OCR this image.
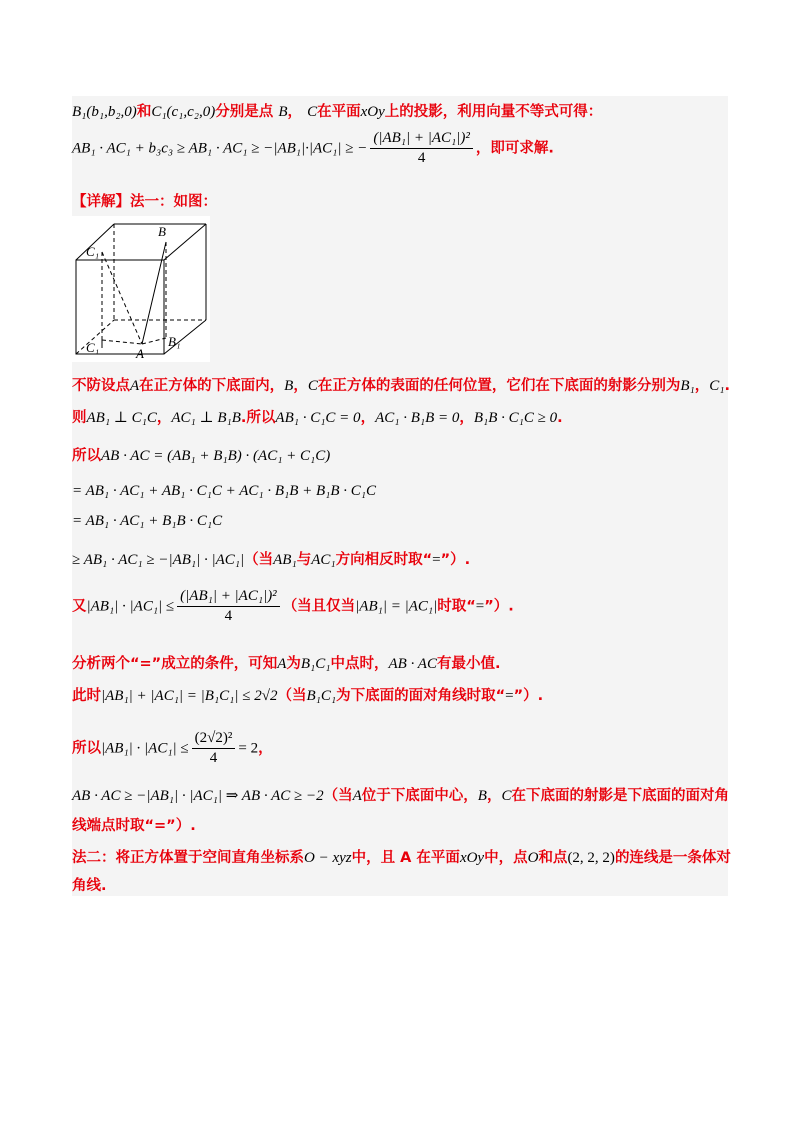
B₁(b₁,b₂,0)和C₁(c₁,c₂,0)分别是点 B， C在平面xOy上的投影，利用向量不等式可得：
AB₁ · AC₁ + b₃c₃ ≥ AB₁ · AC₁ ≥ −|AB₁|·|AC₁| ≥ − $\frac{\text{(|AB₁| + |AC₁|)²}}{4}$ ，即可求解.
【详解】法一：如图：
C₁
B
C₁	A
B₁
不防设点A在正方体的下底面内，B，C在正方体的表面的任何位置，它们在下底面的射影分别为B₁，C₁.
则AB₁ ⊥ C₁C，AC₁ ⊥ B₁B.所以AB₁ · C₁C = 0，AC₁ · B₁B = 0，B₁B · C₁C ≥ 0.
所以AB · AC = (AB₁ + B₁B) · (AC₁ + C₁C)
= AB₁ · AC₁ + AB₁ · C₁C + AC₁ · B₁B + B₁B · C₁C
= AB₁ · AC₁ + B₁B · C₁C
≥ AB₁ · AC₁ ≥ −|AB₁| · |AC₁|（当AB₁与AC₁方向相反时取“=”）.
又$|AB_1| \cdot |AC_1| \le \frac{\text{(|AB₁| + |AC₁|)²}}{4}$ （当且仅当|AB₁| = |AC₁|时取“=”）.
分析两个“=”成立的条件，可知A为B₁C₁中点时，AB · AC有最小值.
此时|AB₁| + |AC₁| = |B₁C₁| ≤ 2√2（当B₁C₁为下底面的面对角线时取“=”）.
所以$|AB_1| \cdot |AC_1| \le \frac{\text{(2√2)²}}{4} = 2$，
AB · AC ≥ −|AB₁| · |AC₁| ⇒ AB · AC ≥ −2（当A位于下底面中心，B，C在下底面的射影是下底面的面对角
线端点时取“=”）.
法二：将正方体置于空间直角坐标系O − xyz中，且 A 在平面xOy中，点O和点(2, 2, 2)的连线是一条体对
角线.
